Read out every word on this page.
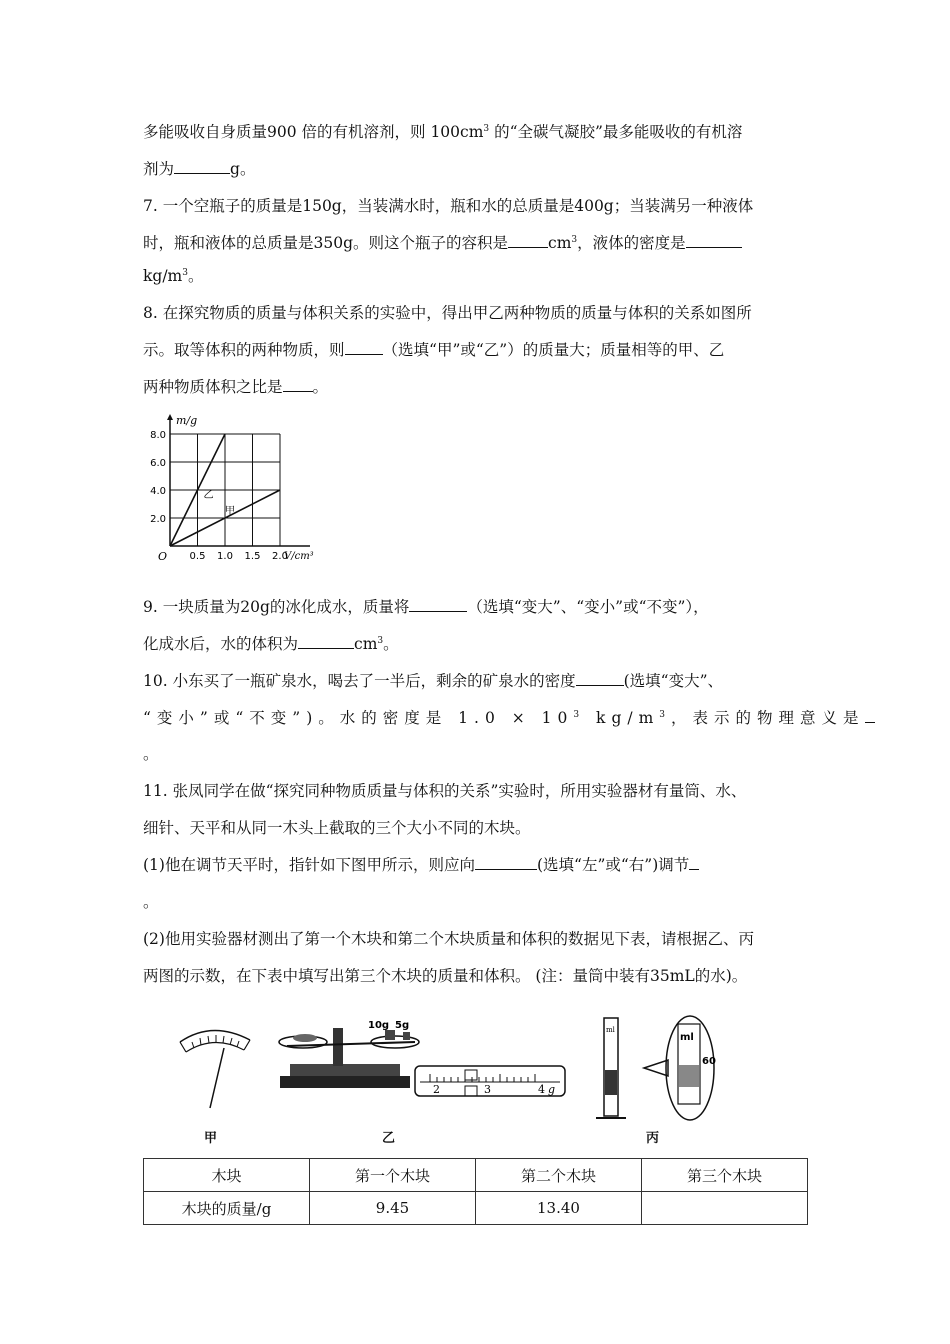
多能吸收自身质量900 倍的有机溶剂，则 $100cm^3$ 的“全碳气凝胶”最多能吸收的有机溶
剂为	g。
7. 一个空瓶子的质量是150g，当装满水时，瓶和水的总质量是400g；当装满另一种液体
时，瓶和液体的总质量是350g。则这个瓶子的容积是	$cm^3$，液体的密度是
$kg/m^3$。
8. 在探究物质的质量与体积关系的实验中，得出甲乙两种物质的质量与体积的关系如图所
示。取等体积的两种物质，则 （选填“甲”或“乙”）的质量大；质量相等的甲、乙
两种物质体积之比是 。
0.5 1.0 1.5 2.0
2.0
4.0
6.0
8.0
O	V/cm³
m/g
乙
甲
9. 一块质量为20g的冰化成水，质量将	（选填“变大”、“变小”或“不变”），
化成水后，水的体积为	$cm^3$。
10. 小东买了一瓶矿泉水，喝去了一半后，剩余的矿泉水的密度	(选填“变大”、
“变小”或“不变”)。水的密度是 $1.0 \times 10^3$ $kg/m^3$，表示的物理意义是
。
11. 张凤同学在做“探究同种物质质量与体积的关系”实验时，所用实验器材有量筒、水、
细针、天平和从同一木头上截取的三个大小不同的木块。
(1)他在调节天平时，指针如下图甲所示，则应向	(选填“左”或“右”)调节
。
(2)他用实验器材测出了第一个木块和第二个木块质量和体积的数据见下表，请根据乙、丙
两图的示数，在下表中填写出第三个木块的质量和体积。 (注：量筒中装有35mL的水)。
10g 5g
2	3	4 g
ml
ml
60
甲	乙	丙
木块	第一个木块	第二个木块	第三个木块
木块的质量/g	9.45	13.40	
